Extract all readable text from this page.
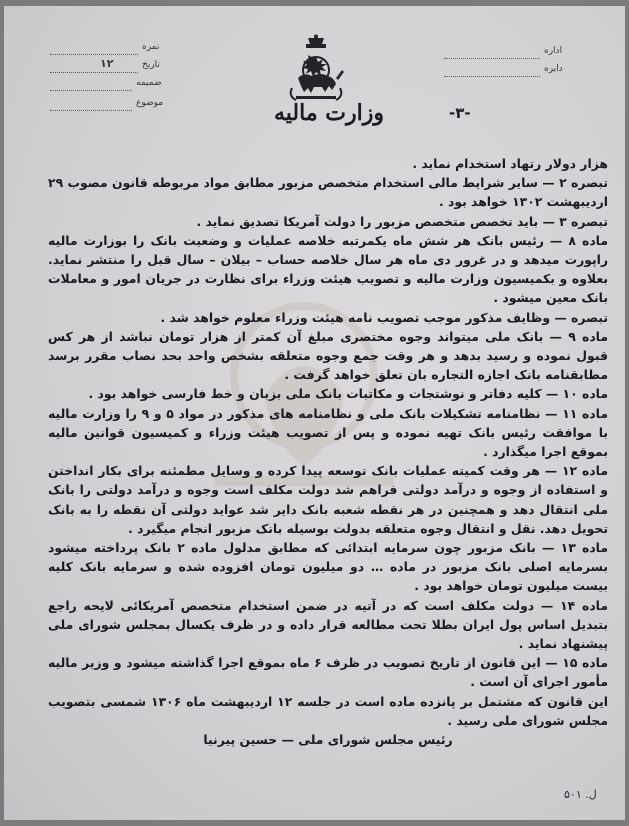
اداره
دایره
نمره
تاریخ
۱۲
ضمیمه
موضوع	وزارت مالیه	-۳-

هزار دولار رتهاد استخدام نماید .

تبصره ۲ — سایر شرایط مالی استخدام متخصص مزبور مطابق مواد مربوطه قانون مصوب ۲۹ اردیبهشت ۱۳۰۲ خواهد بود .

تبصره ۳ — باید تخصص متخصص مزبور را دولت آمریکا تصدیق نماید .

ماده ۸ — رئیس بانک هر شش ماه یکمرتبه خلاصه عملیات و وضعیت بانک را بوزارت مالیه راپورت میدهد و در غرور دی ماه هر سال خلاصه حساب – بیلان – سال قبل را منتشر نماید. بعلاوه و بکمیسیون وزارت مالیه و تصویب هیئت وزراء برای نظارت در جریان امور و معاملات بانک معین میشود .

تبصره — وظایف مذکور موجب تصویب نامه هیئت وزراء معلوم خواهد شد .

ماده ۹ — بانک ملی میتواند وجوه مختصری مبلغ آن کمتر از هزار تومان نباشد از هر کس قبول نموده و رسید بدهد و هر وقت جمع وجوه متعلقه بشخص واحد بحد نصاب مقرر برسد مطابقنامه بانک اجازه التجاره بان تعلق خواهد گرفت .

ماده ۱۰ — کلیه دفاتر و نوشتجات و مکاتبات بانک ملی بزبان و خط فارسی خواهد بود .

ماده ۱۱ — نظامنامه تشکیلات بانک ملی و نظامنامه های مذکور در مواد ۵ و ۹ را وزارت مالیه با موافقت رئیس بانک تهیه نموده و پس از تصویب هیئت وزراء و کمیسیون قوانین مالیه بموقع اجرا میگذارد .

ماده ۱۲ — هر وقت کمیته عملیات بانک توسعه پیدا کرده و وسایل مطمئنه برای بکار انداختن و استفاده از وجوه و درآمد دولتی فراهم شد دولت مکلف است وجوه و درآمد دولتی را بانک ملی انتقال دهد و همچنین در هر نقطه شعبه بانک دایر شد عواید دولتی آن نقطه را به بانک تحویل دهد. نقل و انتقال وجوه متعلقه بدولت بوسیله بانک مزبور انجام میگیرد .

ماده ۱۳ — بانک مزبور چون سرمایه ابتدائی که مطابق مدلول ماده ۲ بانک پرداخته میشود بسرمایه اصلی بانک مزبور در ماده … دو میلیون تومان افزوده شده و سرمایه بانک کلیه بیست میلیون تومان خواهد بود .

ماده ۱۴ — دولت مکلف است که در آتیه در ضمن استخدام متخصص آمریکائی لایحه راجع بتبدیل اساس پول ایران بطلا تحت مطالعه قرار داده و در ظرف یکسال بمجلس شورای ملی پیشنهاد نماید .

ماده ۱۵ — این قانون از تاریخ تصویب در ظرف ۶ ماه بموقع اجرا گذاشته میشود و وزیر مالیه مأمور اجرای آن است .

این قانون که مشتمل بر پانزده ماده است در جلسه ۱۲ اردیبهشت ماه ۱۳۰۶ شمسی بتصویب مجلس شورای ملی رسید .

رئیس مجلس شورای ملی — حسین پیرنیا

ل. ۵۰۱
